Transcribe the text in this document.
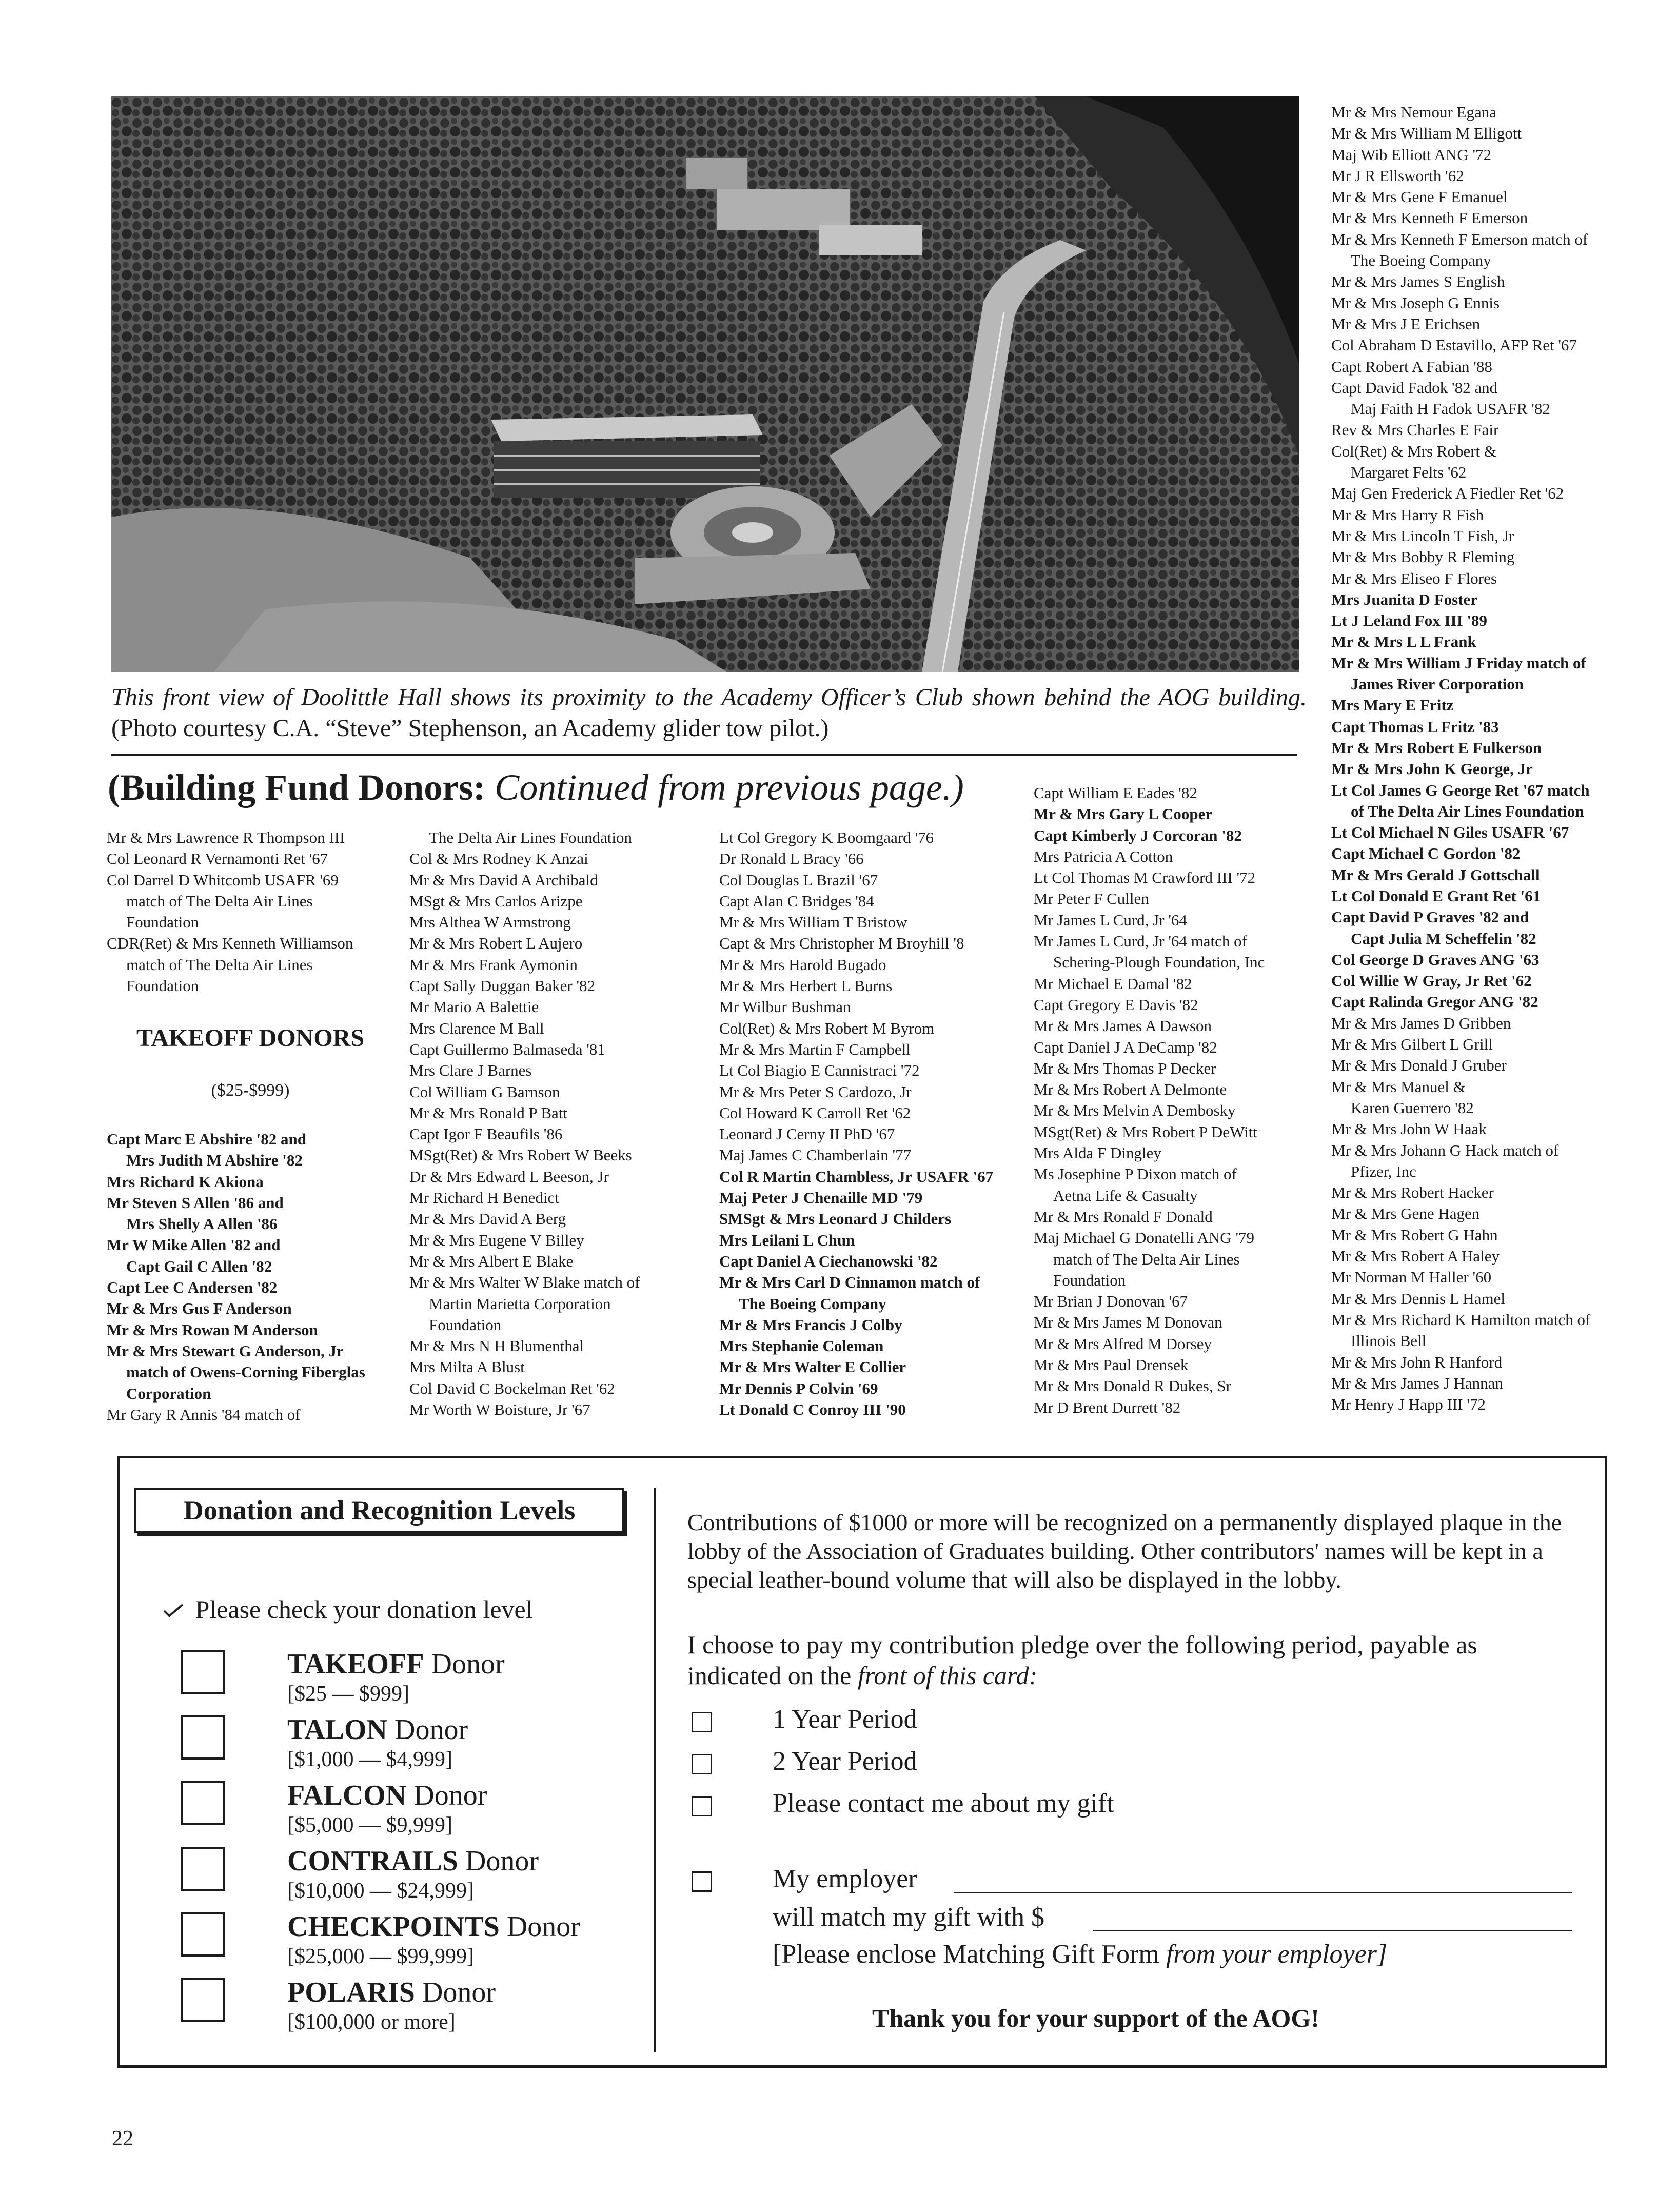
This front view of Doolittle Hall shows its proximity to the Academy Officer’s Club shown behind the AOG building. (Photo courtesy C.A. “Steve” Stephenson, an Academy glider tow pilot.)
(Building Fund Donors: Continued from previous page.)
Mr & Mrs Lawrence R Thompson III
Col Leonard R Vernamonti Ret '67
Col Darrel D Whitcomb USAFR '69
match of The Delta Air Lines
Foundation
CDR(Ret) & Mrs Kenneth Williamson
match of The Delta Air Lines
Foundation
TAKEOFF DONORS
($25-$999)
Capt Marc E Abshire '82 and
Mrs Judith M Abshire '82
Mrs Richard K Akiona
Mr Steven S Allen '86 and
Mrs Shelly A Allen '86
Mr W Mike Allen '82 and
Capt Gail C Allen '82
Capt Lee C Andersen '82
Mr & Mrs Gus F Anderson
Mr & Mrs Rowan M Anderson
Mr & Mrs Stewart G Anderson, Jr
match of Owens-Corning Fiberglas
Corporation
Mr Gary R Annis '84 match of
The Delta Air Lines Foundation
Col & Mrs Rodney K Anzai
Mr & Mrs David A Archibald
MSgt & Mrs Carlos Arizpe
Mrs Althea W Armstrong
Mr & Mrs Robert L Aujero
Mr & Mrs Frank Aymonin
Capt Sally Duggan Baker '82
Mr Mario A Balettie
Mrs Clarence M Ball
Capt Guillermo Balmaseda '81
Mrs Clare J Barnes
Col William G Barnson
Mr & Mrs Ronald P Batt
Capt Igor F Beaufils '86
MSgt(Ret) & Mrs Robert W Beeks
Dr & Mrs Edward L Beeson, Jr
Mr Richard H Benedict
Mr & Mrs David A Berg
Mr & Mrs Eugene V Billey
Mr & Mrs Albert E Blake
Mr & Mrs Walter W Blake match of
Martin Marietta Corporation
Foundation
Mr & Mrs N H Blumenthal
Mrs Milta A Blust
Col David C Bockelman Ret '62
Mr Worth W Boisture, Jr '67
Lt Col Gregory K Boomgaard '76
Dr Ronald L Bracy '66
Col Douglas L Brazil '67
Capt Alan C Bridges '84
Mr & Mrs William T Bristow
Capt & Mrs Christopher M Broyhill '8
Mr & Mrs Harold Bugado
Mr & Mrs Herbert L Burns
Mr Wilbur Bushman
Col(Ret) & Mrs Robert M Byrom
Mr & Mrs Martin F Campbell
Lt Col Biagio E Cannistraci '72
Mr & Mrs Peter S Cardozo, Jr
Col Howard K Carroll Ret '62
Leonard J Cerny II PhD '67
Maj James C Chamberlain '77
Col R Martin Chambless, Jr USAFR '67
Maj Peter J Chenaille MD '79
SMSgt & Mrs Leonard J Childers
Mrs Leilani L Chun
Capt Daniel A Ciechanowski '82
Mr & Mrs Carl D Cinnamon match of
The Boeing Company
Mr & Mrs Francis J Colby
Mrs Stephanie Coleman
Mr & Mrs Walter E Collier
Mr Dennis P Colvin '69
Lt Donald C Conroy III '90
Capt William E Eades '82
Mr & Mrs Gary L Cooper
Capt Kimberly J Corcoran '82
Mrs Patricia A Cotton
Lt Col Thomas M Crawford III '72
Mr Peter F Cullen
Mr James L Curd, Jr '64
Mr James L Curd, Jr '64 match of
Schering-Plough Foundation, Inc
Mr Michael E Damal '82
Capt Gregory E Davis '82
Mr & Mrs James A Dawson
Capt Daniel J A DeCamp '82
Mr & Mrs Thomas P Decker
Mr & Mrs Robert A Delmonte
Mr & Mrs Melvin A Dembosky
MSgt(Ret) & Mrs Robert P DeWitt
Mrs Alda F Dingley
Ms Josephine P Dixon match of
Aetna Life & Casualty
Mr & Mrs Ronald F Donald
Maj Michael G Donatelli ANG '79
match of The Delta Air Lines
Foundation
Mr Brian J Donovan '67
Mr & Mrs James M Donovan
Mr & Mrs Alfred M Dorsey
Mr & Mrs Paul Drensek
Mr & Mrs Donald R Dukes, Sr
Mr D Brent Durrett '82
Mr & Mrs Nemour Egana
Mr & Mrs William M Elligott
Maj Wib Elliott ANG '72
Mr J R Ellsworth '62
Mr & Mrs Gene F Emanuel
Mr & Mrs Kenneth F Emerson
Mr & Mrs Kenneth F Emerson match of
The Boeing Company
Mr & Mrs James S English
Mr & Mrs Joseph G Ennis
Mr & Mrs J E Erichsen
Col Abraham D Estavillo, AFP Ret '67
Capt Robert A Fabian '88
Capt David Fadok '82 and
Maj Faith H Fadok USAFR '82
Rev & Mrs Charles E Fair
Col(Ret) & Mrs Robert &
Margaret Felts '62
Maj Gen Frederick A Fiedler Ret '62
Mr & Mrs Harry R Fish
Mr & Mrs Lincoln T Fish, Jr
Mr & Mrs Bobby R Fleming
Mr & Mrs Eliseo F Flores
Mrs Juanita D Foster
Lt J Leland Fox III '89
Mr & Mrs L L Frank
Mr & Mrs William J Friday match of
James River Corporation
Mrs Mary E Fritz
Capt Thomas L Fritz '83
Mr & Mrs Robert E Fulkerson
Mr & Mrs John K George, Jr
Lt Col James G George Ret '67 match
of The Delta Air Lines Foundation
Lt Col Michael N Giles USAFR '67
Capt Michael C Gordon '82
Mr & Mrs Gerald J Gottschall
Lt Col Donald E Grant Ret '61
Capt David P Graves '82 and
Capt Julia M Scheffelin '82
Col George D Graves ANG '63
Col Willie W Gray, Jr Ret '62
Capt Ralinda Gregor ANG '82
Mr & Mrs James D Gribben
Mr & Mrs Gilbert L Grill
Mr & Mrs Donald J Gruber
Mr & Mrs Manuel &
Karen Guerrero '82
Mr & Mrs John W Haak
Mr & Mrs Johann G Hack match of
Pfizer, Inc
Mr & Mrs Robert Hacker
Mr & Mrs Gene Hagen
Mr & Mrs Robert G Hahn
Mr & Mrs Robert A Haley
Mr Norman M Haller '60
Mr & Mrs Dennis L Hamel
Mr & Mrs Richard K Hamilton match of
Illinois Bell
Mr & Mrs John R Hanford
Mr & Mrs James J Hannan
Mr Henry J Happ III '72
Donation and Recognition Levels
Please check your donation level
TAKEOFF Donor
[$25 — $999]
TALON Donor
[$1,000 — $4,999]
FALCON Donor
[$5,000 — $9,999]
CONTRAILS Donor
[$10,000 — $24,999]
CHECKPOINTS Donor
[$25,000 — $99,999]
POLARIS Donor
[$100,000 or more]
Contributions of $1000 or more will be recognized on a permanently displayed plaque in the lobby of the Association of Graduates building. Other contributors' names will be kept in a special leather-bound volume that will also be displayed in the lobby.
I choose to pay my contribution pledge over the following period, payable as indicated on the front of this card:
1 Year Period
2 Year Period
Please contact me about my gift
My employer
will match my gift with $
[Please enclose Matching Gift Form from your employer]
Thank you for your support of the AOG!
22
